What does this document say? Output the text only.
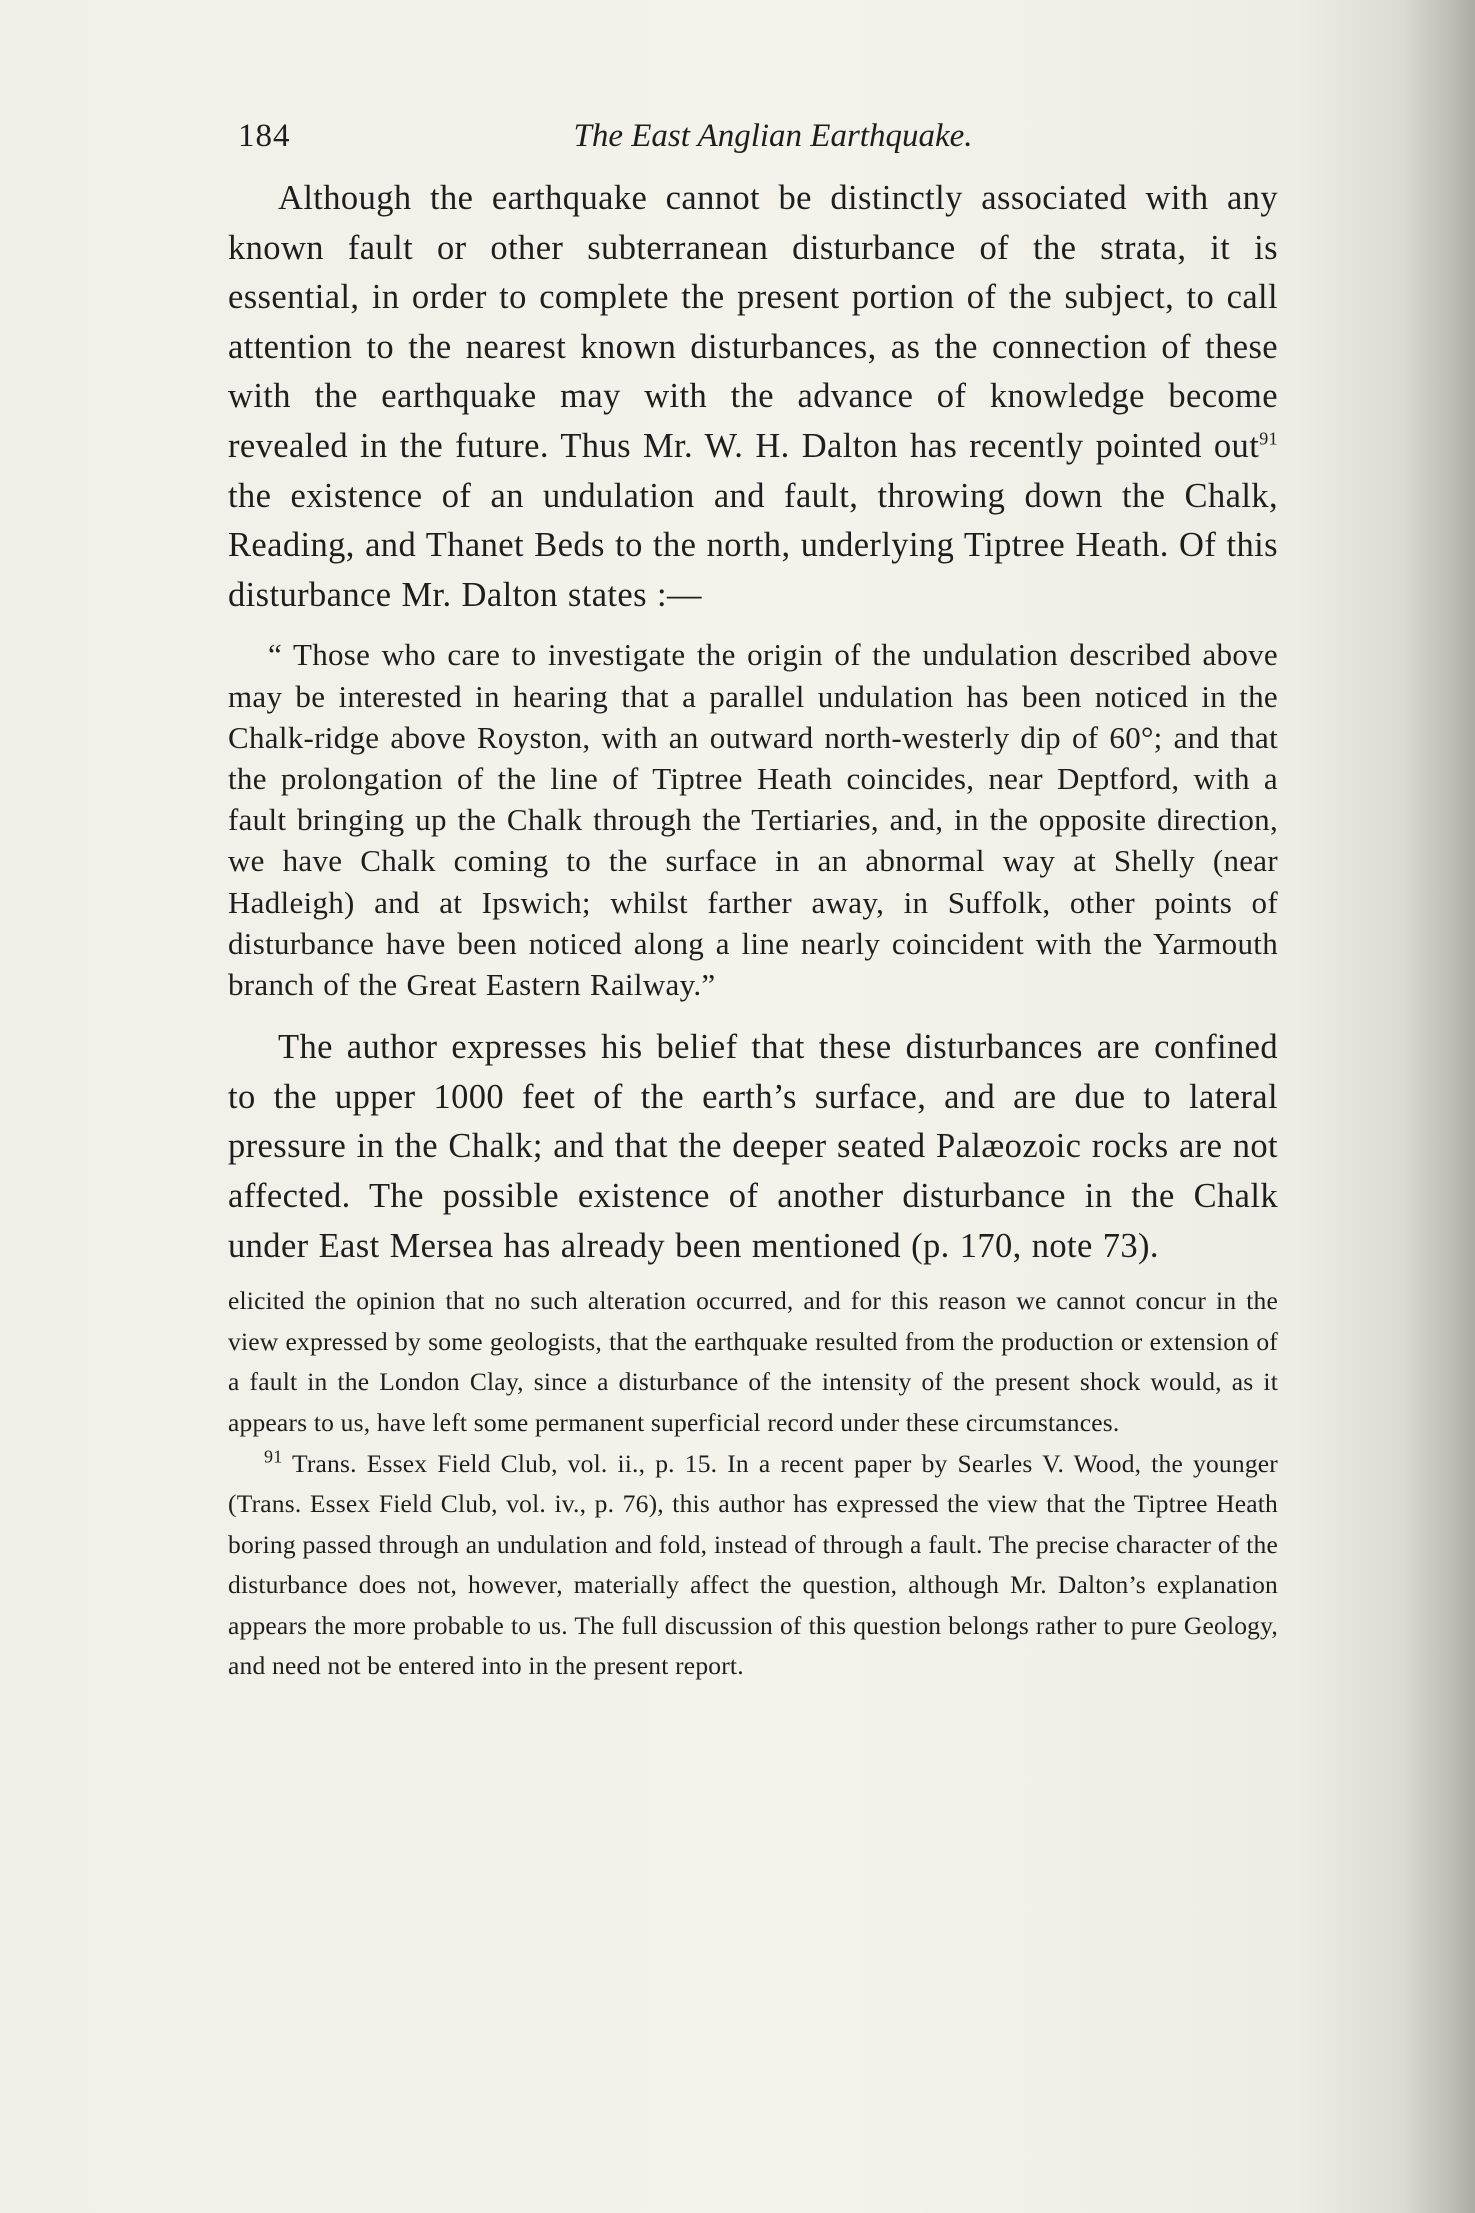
184	The East Anglian Earthquake.

Although the earthquake cannot be distinctly associated with any known fault or other subterranean disturbance of the strata, it is essential, in order to complete the present portion of the subject, to call attention to the nearest known disturbances, as the connection of these with the earthquake may with the advance of knowledge become revealed in the future. Thus Mr. W. H. Dalton has recently pointed out$^{91}$ the existence of an undulation and fault, throwing down the Chalk, Reading, and Thanet Beds to the north, underlying Tiptree Heath. Of this disturbance Mr. Dalton states :—

“ Those who care to investigate the origin of the undulation described above may be interested in hearing that a parallel undulation has been noticed in the Chalk-ridge above Royston, with an outward north-westerly dip of 60°; and that the prolongation of the line of Tiptree Heath coincides, near Deptford, with a fault bringing up the Chalk through the Tertiaries, and, in the opposite direction, we have Chalk coming to the surface in an abnormal way at Shelly (near Hadleigh) and at Ipswich; whilst farther away, in Suffolk, other points of disturbance have been noticed along a line nearly coincident with the Yarmouth branch of the Great Eastern Railway.”

The author expresses his belief that these disturbances are confined to the upper 1000 feet of the earth’s surface, and are due to lateral pressure in the Chalk; and that the deeper seated Palæozoic rocks are not affected. The possible existence of another disturbance in the Chalk under East Mersea has already been mentioned (p. 170, note 73).

elicited the opinion that no such alteration occurred, and for this reason we cannot concur in the view expressed by some geologists, that the earthquake resulted from the production or extension of a fault in the London Clay, since a disturbance of the intensity of the present shock would, as it appears to us, have left some permanent superficial record under these circumstances.

$^{91}$ Trans. Essex Field Club, vol. ii., p. 15. In a recent paper by Searles V. Wood, the younger (Trans. Essex Field Club, vol. iv., p. 76), this author has expressed the view that the Tiptree Heath boring passed through an undulation and fold, instead of through a fault. The precise character of the disturbance does not, however, materially affect the question, although Mr. Dalton’s explanation appears the more probable to us. The full discussion of this question belongs rather to pure Geology, and need not be entered into in the present report.
